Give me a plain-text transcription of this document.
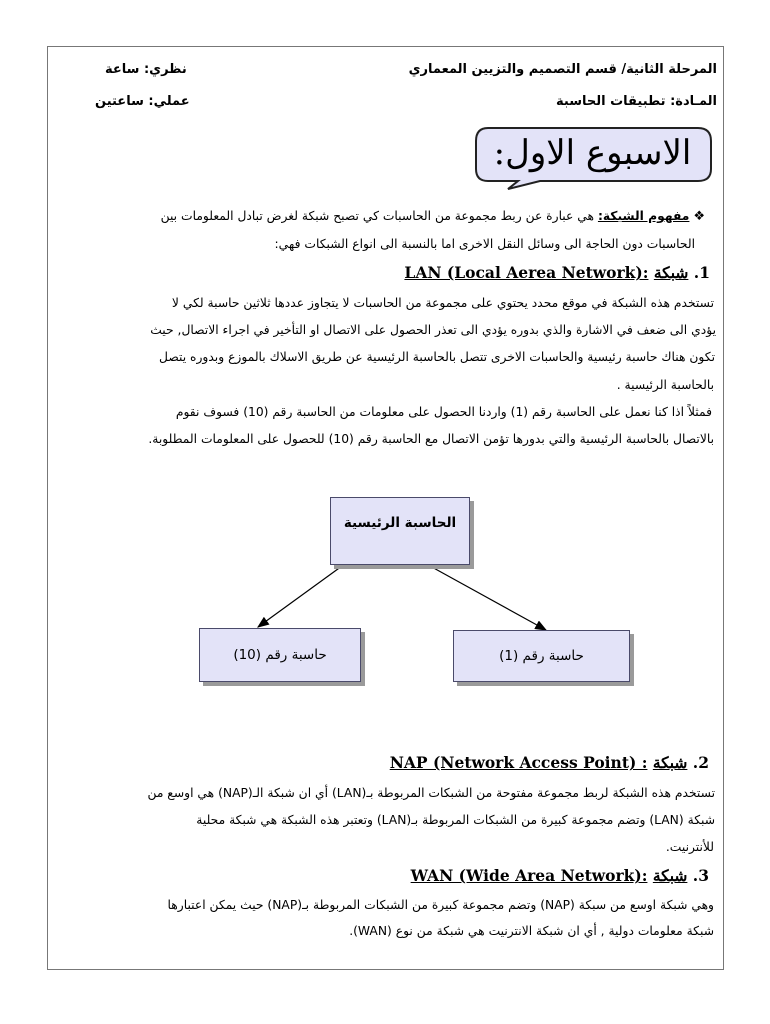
المرحلة الثانية/ قسم التصميم والتزيين المعماري
نظري: ساعة
المـادة: تطبيقات الحاسبة
عملي: ساعتين
الاسبوع الاول:
❖ مفهوم الشبكة: هي عبارة عن ربط مجموعة من الحاسبات كي تصبح شبكة لغرض تبادل المعلومات بين
الحاسبات دون الحاجة الى وسائل النقل الاخرى اما بالنسبة الى انواع الشبكات فهي:
1. شبكة LAN (Local Aerea Network):
تستخدم هذه الشبكة في موقع محدد يحتوي على مجموعة من الحاسبات لا يتجاوز عددها ثلاثين حاسبة لكي لا
يؤدي الى ضعف في الاشارة والذي بدوره يؤدي الى تعذر الحصول على الاتصال او التأخير في اجراء الاتصال, حيث
تكون هناك حاسبة رئيسية والحاسبات الاخرى تتصل بالحاسبة الرئيسية عن طريق الاسلاك بالموزع وبدوره يتصل
بالحاسبة الرئيسية .
فمثلاً اذا كنا نعمل على الحاسبة رقم (1) واردنا الحصول على معلومات من الحاسبة رقم (10) فسوف نقوم
بالاتصال بالحاسبة الرئيسية والتي بدورها تؤمن الاتصال مع الحاسبة رقم (10) للحصول على المعلومات المطلوبة.
الحاسبة الرئيسية
حاسبة رقم (10)	حاسبة رقم (1)
2. شبكة NAP (Network Access Point) :
تستخدم هذه الشبكة لربط مجموعة مفتوحة من الشبكات المربوطة بـ(LAN) أي ان شبكة الـ(NAP) هي اوسع من
شبكة (LAN) وتضم مجموعة كبيرة من الشبكات المربوطة بـ(LAN) وتعتبر هذه الشبكة هي شبكة محلية
للأنترنيت.
3. شبكة WAN (Wide Area Network):
وهي شبكة اوسع من سبكة (NAP) وتضم مجموعة كبيرة من الشبكات المربوطة بـ(NAP) حيث يمكن اعتبارها
شبكة معلومات دولية , أي ان شبكة الانترنيت هي شبكة من نوع (WAN).
